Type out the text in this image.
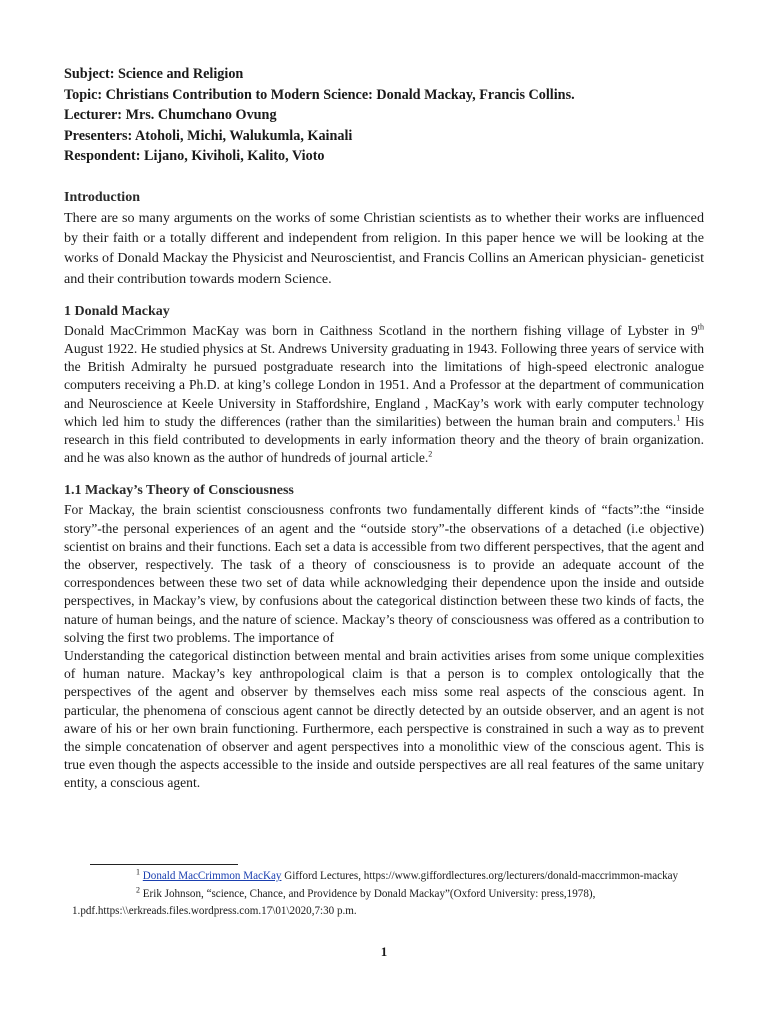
Subject: Science and Religion
Topic: Christians Contribution to Modern Science: Donald Mackay, Francis Collins.
Lecturer: Mrs. Chumchano Ovung
Presenters: Atoholi, Michi, Walukumla, Kainali
Respondent: Lijano, Kiviholi, Kalito, Vioto
Introduction

There are so many arguments on the works of some Christian scientists as to whether their works are influenced by their faith or a totally different and independent from religion. In this paper hence we will be looking at the works of Donald Mackay the Physicist and Neuroscientist, and Francis Collins an American physician- geneticist and their contribution towards modern Science.

1 Donald Mackay

Donald MacCrimmon MacKay was born in Caithness Scotland in the northern fishing village of Lybster in 9th August 1922. He studied physics at St. Andrews University graduating in 1943. Following three years of service with the British Admiralty he pursued postgraduate research into the limitations of high-speed electronic analogue computers receiving a Ph.D. at king’s college London in 1951. And a Professor at the department of communication and Neuroscience at Keele University in Staffordshire, England , MacKay’s work with early computer technology which led him to study the differences (rather than the similarities) between the human brain and computers.$^1$ His research in this field contributed to developments in early information theory and the theory of brain organization. and he was also known as the author of hundreds of journal article.$^2$

1.1 Mackay’s Theory of Consciousness

For Mackay, the brain scientist consciousness confronts two fundamentally different kinds of “facts”:the “inside story”-the personal experiences of an agent and the “outside story”-the observations of a detached (i.e objective) scientist on brains and their functions. Each set a data is accessible from two different perspectives, that the agent and the observer, respectively. The task of a theory of consciousness is to provide an adequate account of the correspondences between these two set of data while acknowledging their dependence upon the inside and outside perspectives, in Mackay’s view, by confusions about the categorical distinction between these two kinds of facts, the nature of human beings, and the nature of science. Mackay’s theory of consciousness was offered as a contribution to solving the first two problems. The importance of

Understanding the categorical distinction between mental and brain activities arises from some unique complexities of human nature. Mackay’s key anthropological claim is that a person is to complex ontologically that the perspectives of the agent and observer by themselves each miss some real aspects of the conscious agent. In particular, the phenomena of conscious agent cannot be directly detected by an outside observer, and an agent is not aware of his or her own brain functioning. Furthermore, each perspective is constrained in such a way as to prevent the simple concatenation of observer and agent perspectives into a monolithic view of the conscious agent. This is true even though the aspects accessible to the inside and outside perspectives are all real features of the same unitary entity, a conscious agent.

$^1$ Donald MacCrimmon MacKay Gifford Lectures, https://www.giffordlectures.org/lecturers/donald-maccrimmon-mackay
$^2$ Erik Johnson, “science, Chance, and Providence by Donald Mackay”(Oxford University: press,1978), 1.pdf.https:\\erkreads.files.wordpress.com.17\01\2020,7:30 p.m.
1
